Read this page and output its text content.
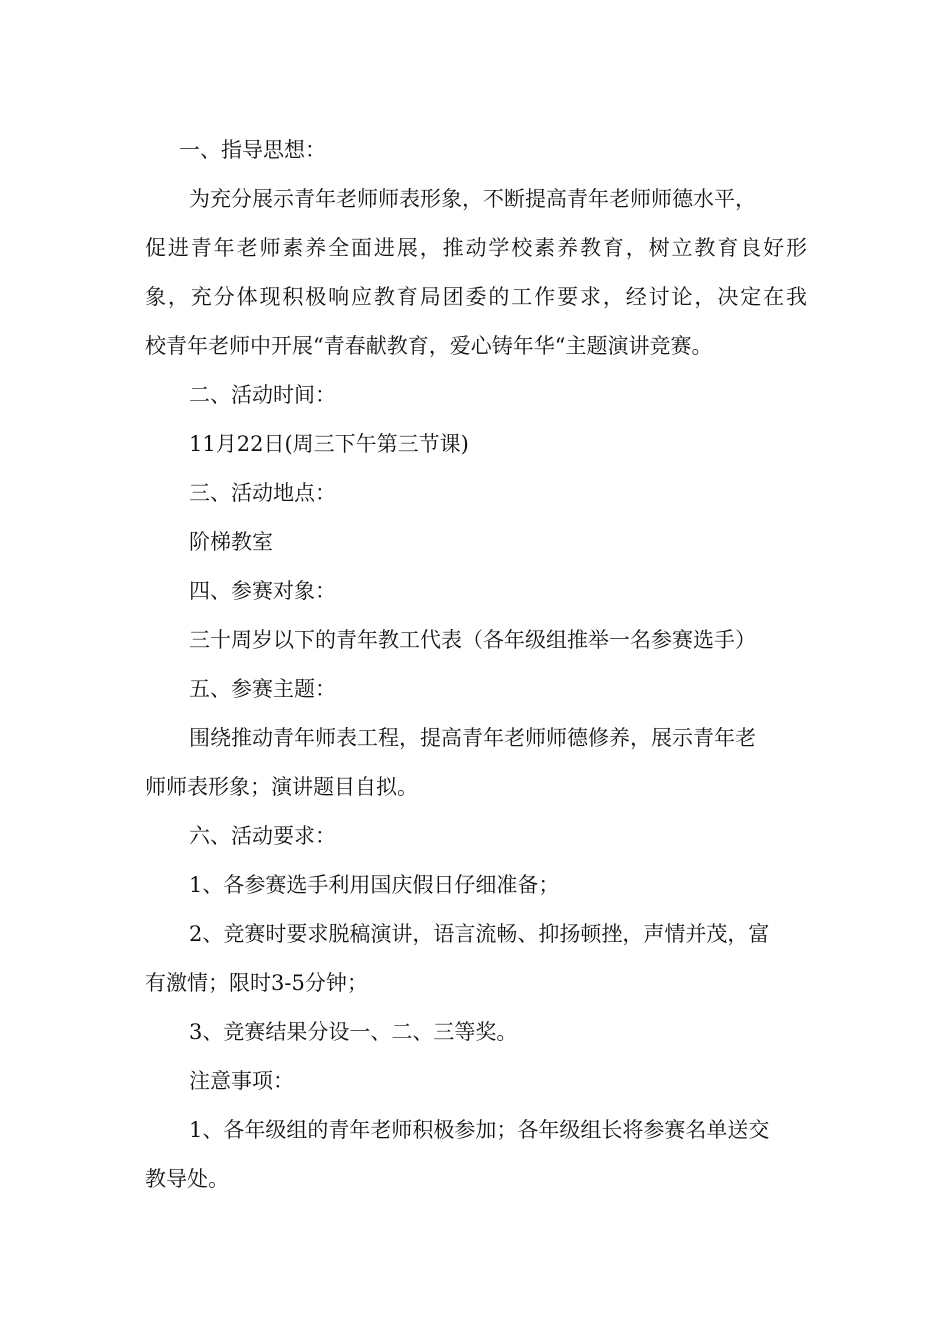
一、指导思想：
为充分展示青年老师师表形象，不断提高青年老师师德水平，
促进青年老师素养全面进展，推动学校素养教育，树立教育良好形
象，充分体现积极响应教育局团委的工作要求，经讨论，决定在我
校青年老师中开展“青春献教育，爱心铸年华“主题演讲竞赛。
二、活动时间：
11月22日(周三下午第三节课)
三、活动地点：
阶梯教室
四、参赛对象：
三十周岁以下的青年教工代表（各年级组推举一名参赛选手）
五、参赛主题：
围绕推动青年师表工程，提高青年老师师德修养，展示青年老
师师表形象；演讲题目自拟。
六、活动要求：
1、各参赛选手利用国庆假日仔细准备；
2、竞赛时要求脱稿演讲，语言流畅、抑扬顿挫，声情并茂，富
有激情；限时3-5分钟；
3、竞赛结果分设一、二、三等奖。
注意事项：
1、各年级组的青年老师积极参加；各年级组长将参赛名单送交
教导处。
